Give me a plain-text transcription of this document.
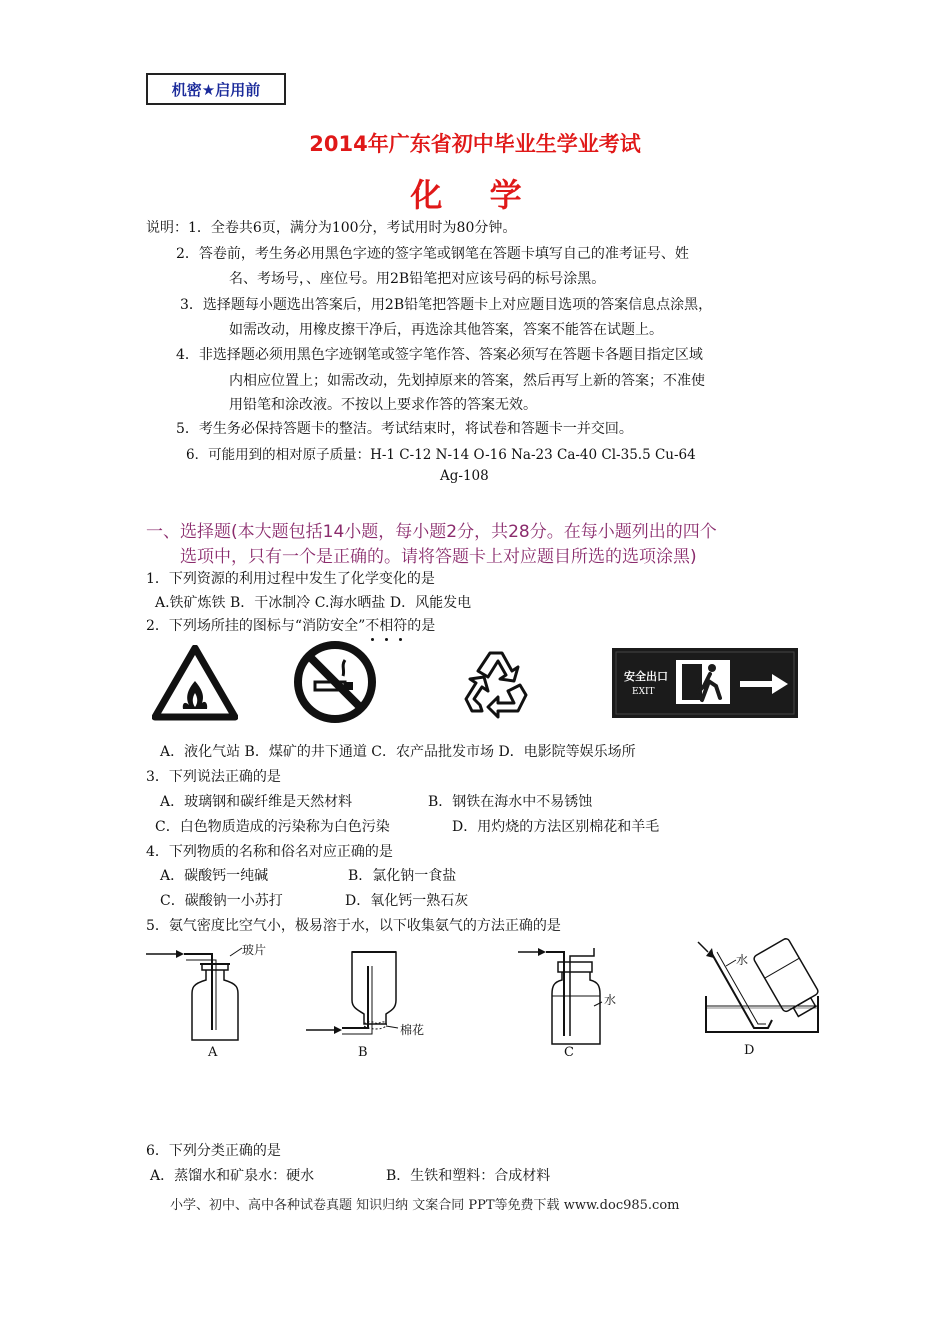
机密★启用前
2014年广东省初中毕业生学业考试
化 学
说明：1．全卷共6页，满分为100分，考试用时为80分钟。
2．答卷前，考生务必用黑色字迹的签字笔或钢笔在答题卡填写自己的准考证号、姓
名、考场号，、座位号。用2B铅笔把对应该号码的标号涂黑。
3．选择题每小题选出答案后，用2B铅笔把答题卡上对应题目选项的答案信息点涂黑，
如需改动，用橡皮擦干净后，再选涂其他答案，答案不能答在试题上。
4．非选择题必须用黑色字迹钢笔或签字笔作答、答案必须写在答题卡各题目指定区域
内相应位置上；如需改动，先划掉原来的答案，然后再写上新的答案；不准使
用铅笔和涂改液。不按以上要求作答的答案无效。
5．考生务必保持答题卡的整洁。考试结束时，将试卷和答题卡一并交回。
6．可能用到的相对原子质量：H-1 C-12 N-14 O-16 Na-23 Ca-40 Cl-35.5 Cu-64
Ag-108
一、选择题(本大题包括14小题，每小题2分，共28分。在每小题列出的四个
选项中，只有一个是正确的。请将答题卡上对应题目所选的选项涂黑)
1．下列资源的利用过程中发生了化学变化的是
A.铁矿炼铁 B．干冰制冷 C.海水晒盐 D．风能发电
2．下列场所挂的图标与“消防安全”不相符的是
安全出口
EXIT
A．液化气站 B．煤矿的井下通道 C．农产品批发市场 D．电影院等娱乐场所
3．下列说法正确的是
A．玻璃钢和碳纤维是天然材料	B．钢铁在海水中不易锈蚀
C．白色物质造成的污染称为白色污染	D．用灼烧的方法区别棉花和羊毛
4．下列物质的名称和俗名对应正确的是
A．碳酸钙一纯碱	B．氯化钠一食盐
C．碳酸钠一小苏打	D．氧化钙一熟石灰
5．氨气密度比空气小，极易溶于水，以下收集氨气的方法正确的是
玻片
A
棉花
B
水
C
水
D
6．下列分类正确的是
A．蒸馏水和矿泉水：硬水	B．生铁和塑料：合成材料
小学、初中、高中各种试卷真题 知识归纳 文案合同 PPT等免费下载 www.doc985.com
